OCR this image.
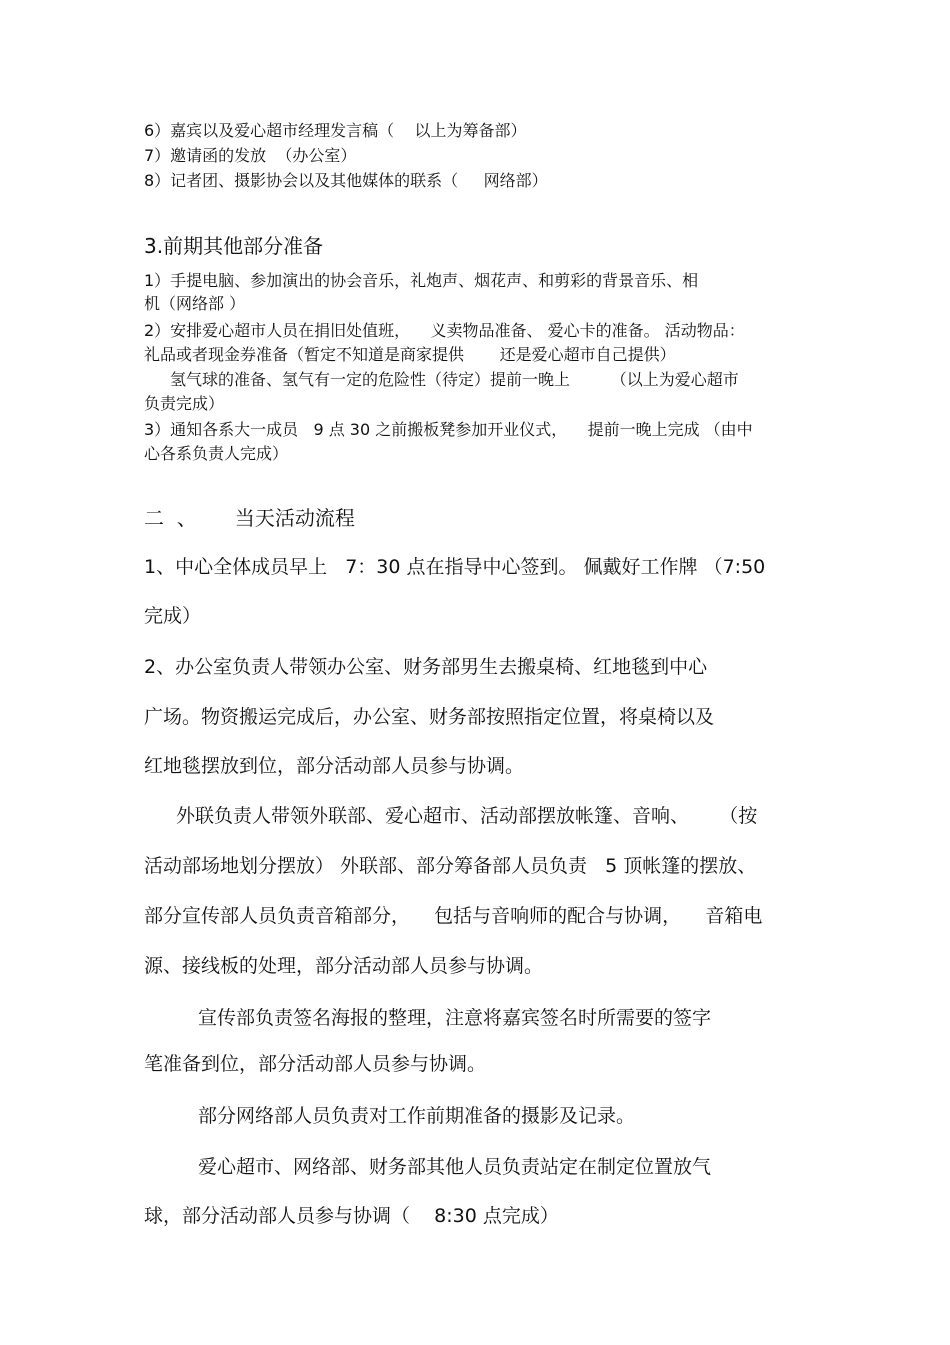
6）嘉宾以及爱心超市经理发言稿（    以上为筹备部）

7）邀请函的发放  （办公室）

8）记者团、摄影协会以及其他媒体的联系（     网络部）

3.前期其他部分准备

1）手提电脑、参加演出的协会音乐，礼炮声、烟花声、和剪彩的背景音乐、相

机（网络部 ）

2）安排爱心超市人员在捐旧处值班，    义卖物品准备、 爱心卡的准备。 活动物品：

礼品或者现金券准备（暂定不知道是商家提供       还是爱心超市自己提供）

氢气球的准备、氢气有一定的危险性（待定）提前一晚上        （以上为爱心超市

负责完成）

3）通知各系大一成员   9 点 30 之前搬板凳参加开业仪式，    提前一晚上完成 （由中

心各系负责人完成）

二  、      当天活动流程

1、中心全体成员早上   7：30 点在指导中心签到。 佩戴好工作牌 （7:50

完成）

2、办公室负责人带领办公室、财务部男生去搬桌椅、红地毯到中心

广场。物资搬运完成后，办公室、财务部按照指定位置，将桌椅以及

红地毯摆放到位，部分活动部人员参与协调。

外联负责人带领外联部、爱心超市、活动部摆放帐篷、音响、     （按

活动部场地划分摆放） 外联部、部分筹备部人员负责   5 顶帐篷的摆放、

部分宣传部人员负责音箱部分，    包括与音响师的配合与协调，    音箱电

源、接线板的处理，部分活动部人员参与协调。

宣传部负责签名海报的整理，注意将嘉宾签名时所需要的签字

笔准备到位，部分活动部人员参与协调。

部分网络部人员负责对工作前期准备的摄影及记录。

爱心超市、网络部、财务部其他人员负责站定在制定位置放气

球，部分活动部人员参与协调（    8:30 点完成）
